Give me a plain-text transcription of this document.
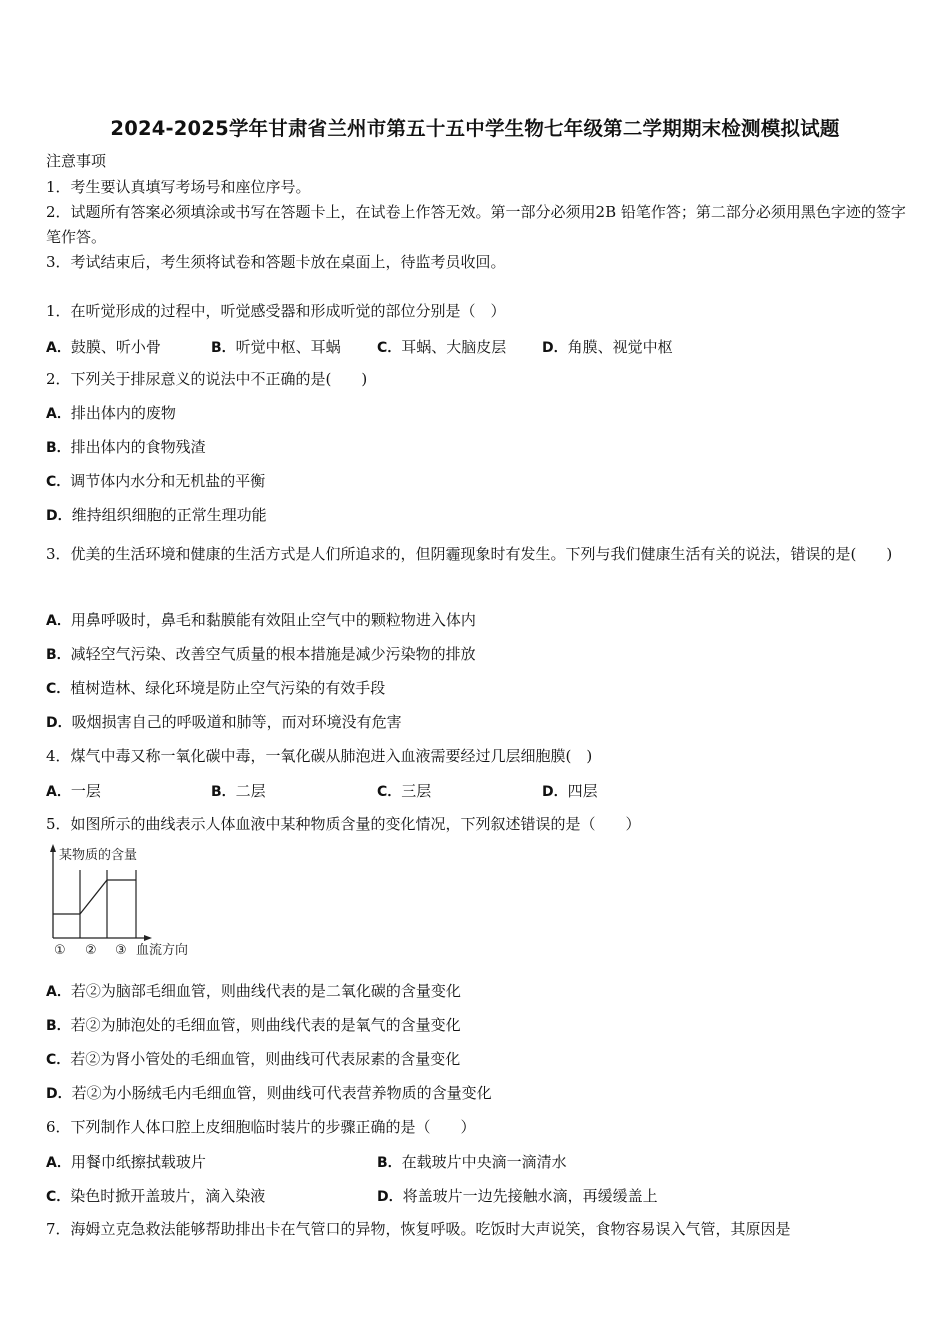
2024-2025学年甘肃省兰州市第五十五中学生物七年级第二学期期末检测模拟试题
注意事项
1．考生要认真填写考场号和座位序号。
2．试题所有答案必须填涂或书写在答题卡上，在试卷上作答无效。第一部分必须用2B 铅笔作答；第二部分必须用黑色字迹的签字笔作答。
3．考试结束后，考生须将试卷和答题卡放在桌面上，待监考员收回。
1．在听觉形成的过程中，听觉感受器和形成听觉的部位分别是（　）
A．鼓膜、听小骨	B．听觉中枢、耳蜗	C．耳蜗、大脑皮层	D．角膜、视觉中枢
2．下列关于排尿意义的说法中不正确的是(　　)
A．排出体内的废物
B．排出体内的食物残渣
C．调节体内水分和无机盐的平衡
D．维持组织细胞的正常生理功能
3．优美的生活环境和健康的生活方式是人们所追求的，但阴霾现象时有发生。下列与我们健康生活有关的说法，错误的是(　　)
A．用鼻呼吸时，鼻毛和黏膜能有效阻止空气中的颗粒物进入体内
B．减轻空气污染、改善空气质量的根本措施是减少污染物的排放
C．植树造林、绿化环境是防止空气污染的有效手段
D．吸烟损害自己的呼吸道和肺等，而对环境没有危害
4．煤气中毒又称一氧化碳中毒，一氧化碳从肺泡进入血液需要经过几层细胞膜(　)
A．一层	B．二层	C．三层	D．四层
5．如图所示的曲线表示人体血液中某种物质含量的变化情况，下列叙述错误的是（　　）
某物质的含量
① ② ③ 血流方向
A．若②为脑部毛细血管，则曲线代表的是二氧化碳的含量变化
B．若②为肺泡处的毛细血管，则曲线代表的是氧气的含量变化
C．若②为肾小管处的毛细血管，则曲线可代表尿素的含量变化
D．若②为小肠绒毛内毛细血管，则曲线可代表营养物质的含量变化
6．下列制作人体口腔上皮细胞临时装片的步骤正确的是（　　）
A．用餐巾纸擦拭载玻片	B．在载玻片中央滴一滴清水
C．染色时掀开盖玻片，滴入染液	D．将盖玻片一边先接触水滴，再缓缓盖上
7．海姆立克急救法能够帮助排出卡在气管口的异物，恢复呼吸。吃饭时大声说笑，食物容易误入气管，其原因是
